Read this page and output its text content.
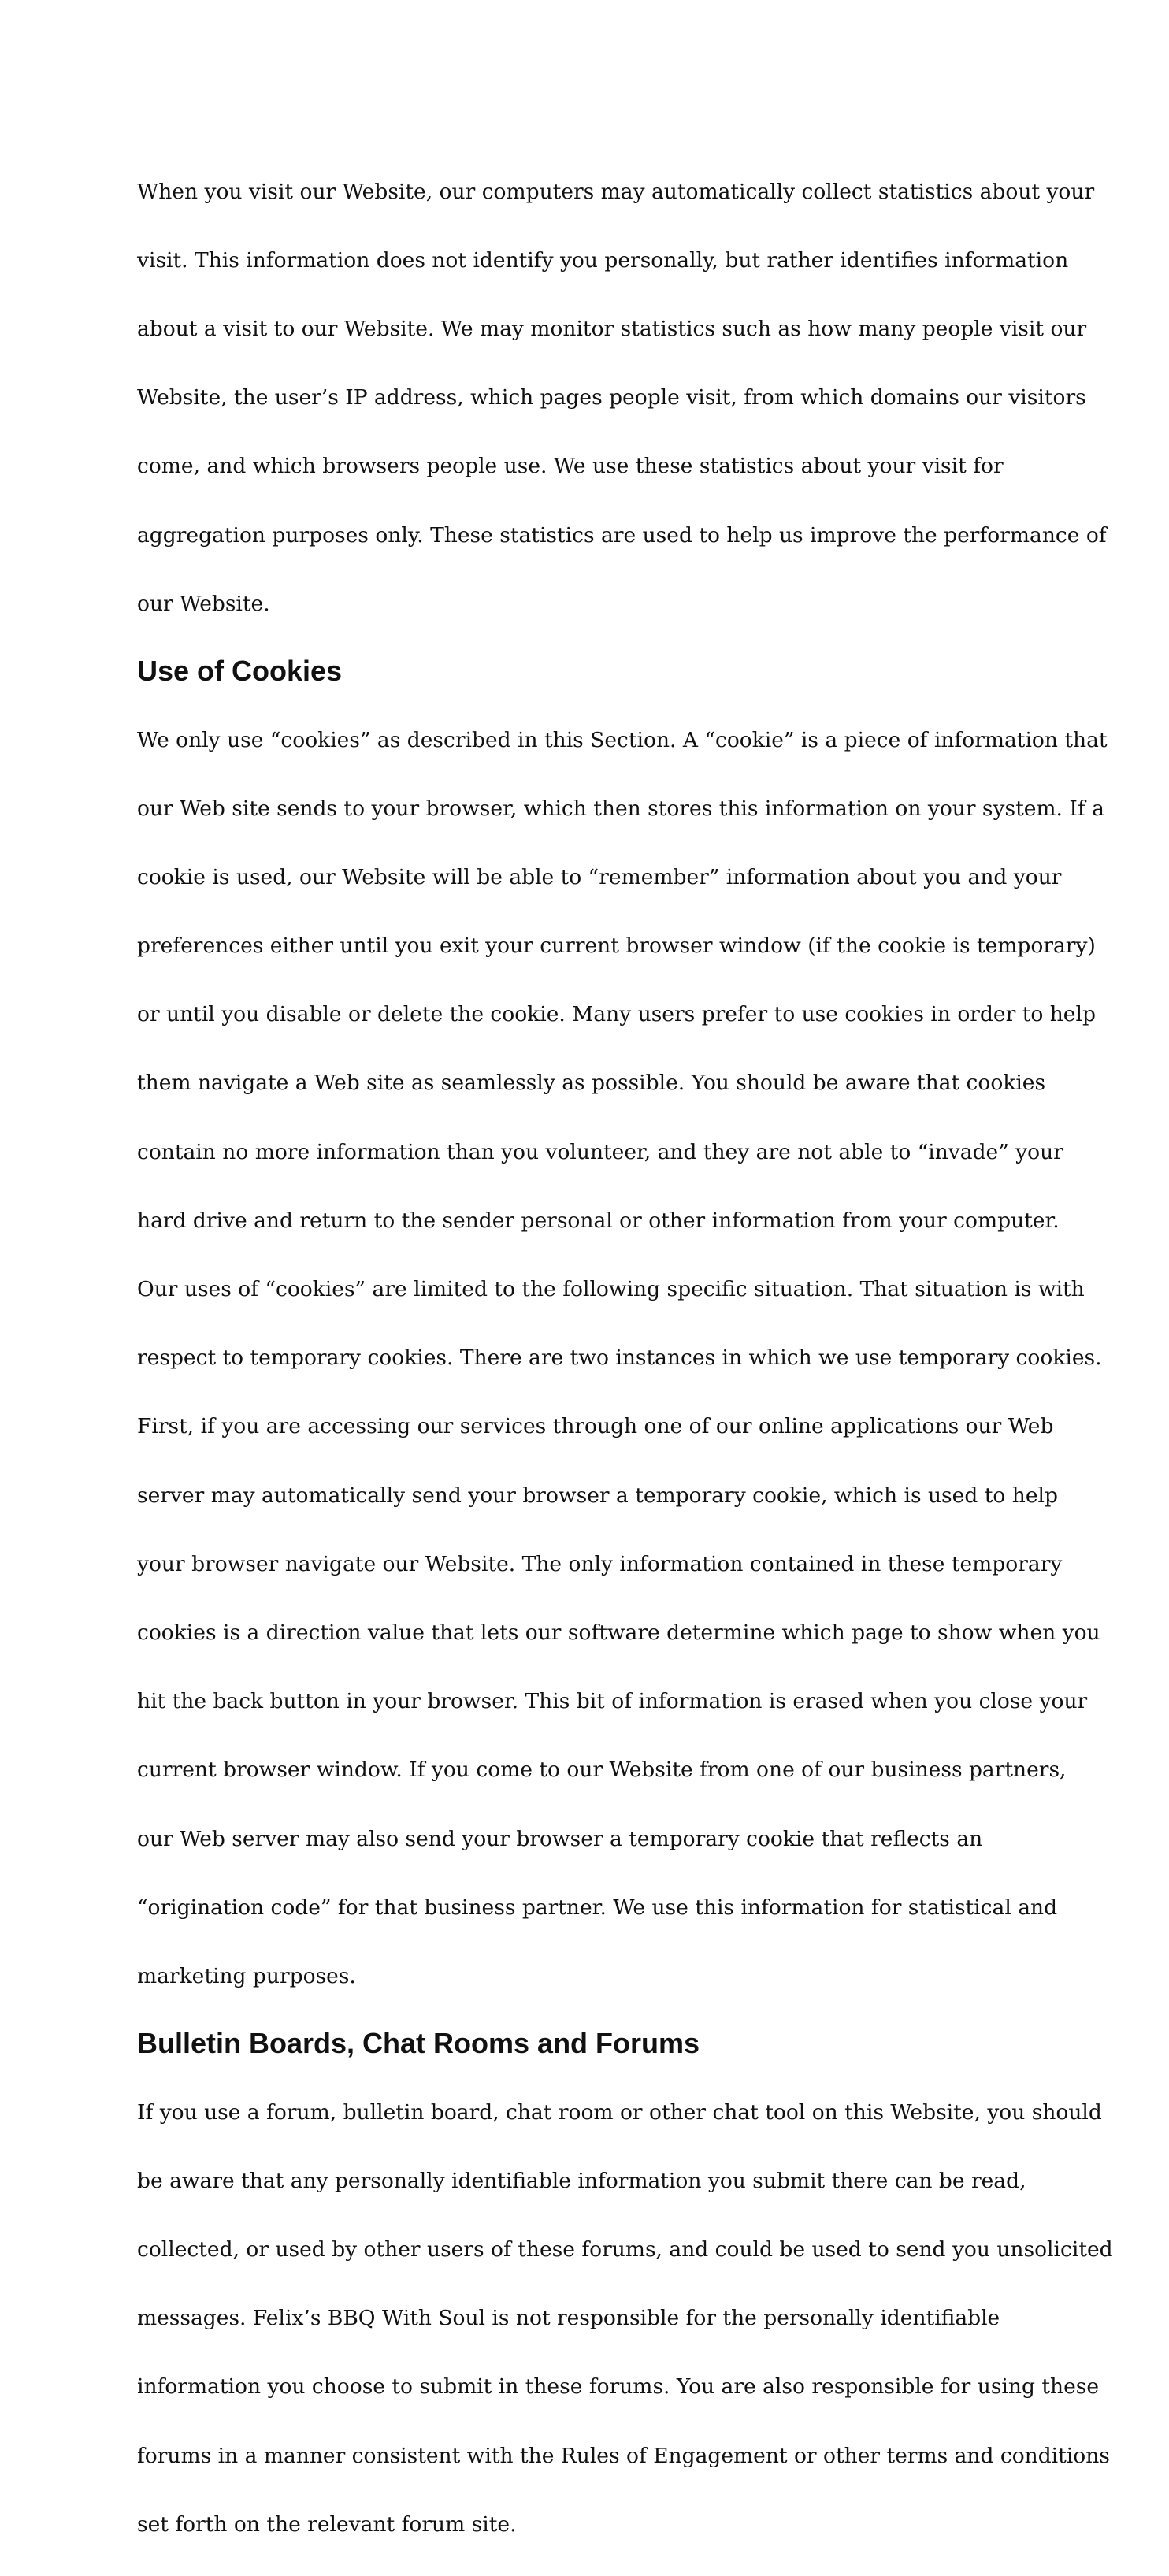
When you visit our Website, our computers may automatically collect statistics about your

visit. This information does not identify you personally, but rather identifies information

about a visit to our Website. We may monitor statistics such as how many people visit our

Website, the user’s IP address, which pages people visit, from which domains our visitors

come, and which browsers people use. We use these statistics about your visit for

aggregation purposes only. These statistics are used to help us improve the performance of

our Website.

Use of Cookies

We only use “cookies” as described in this Section. A “cookie” is a piece of information that

our Web site sends to your browser, which then stores this information on your system. If a

cookie is used, our Website will be able to “remember” information about you and your

preferences either until you exit your current browser window (if the cookie is temporary)

or until you disable or delete the cookie. Many users prefer to use cookies in order to help

them navigate a Web site as seamlessly as possible. You should be aware that cookies

contain no more information than you volunteer, and they are not able to “invade” your

hard drive and return to the sender personal or other information from your computer.

Our uses of “cookies” are limited to the following specific situation. That situation is with

respect to temporary cookies. There are two instances in which we use temporary cookies.

First, if you are accessing our services through one of our online applications our Web

server may automatically send your browser a temporary cookie, which is used to help

your browser navigate our Website. The only information contained in these temporary

cookies is a direction value that lets our software determine which page to show when you

hit the back button in your browser. This bit of information is erased when you close your

current browser window. If you come to our Website from one of our business partners,

our Web server may also send your browser a temporary cookie that reflects an

“origination code” for that business partner. We use this information for statistical and

marketing purposes.

Bulletin Boards, Chat Rooms and Forums

If you use a forum, bulletin board, chat room or other chat tool on this Website, you should

be aware that any personally identifiable information you submit there can be read,

collected, or used by other users of these forums, and could be used to send you unsolicited

messages. Felix’s BBQ With Soul is not responsible for the personally identifiable

information you choose to submit in these forums. You are also responsible for using these

forums in a manner consistent with the Rules of Engagement or other terms and conditions

set forth on the relevant forum site.
